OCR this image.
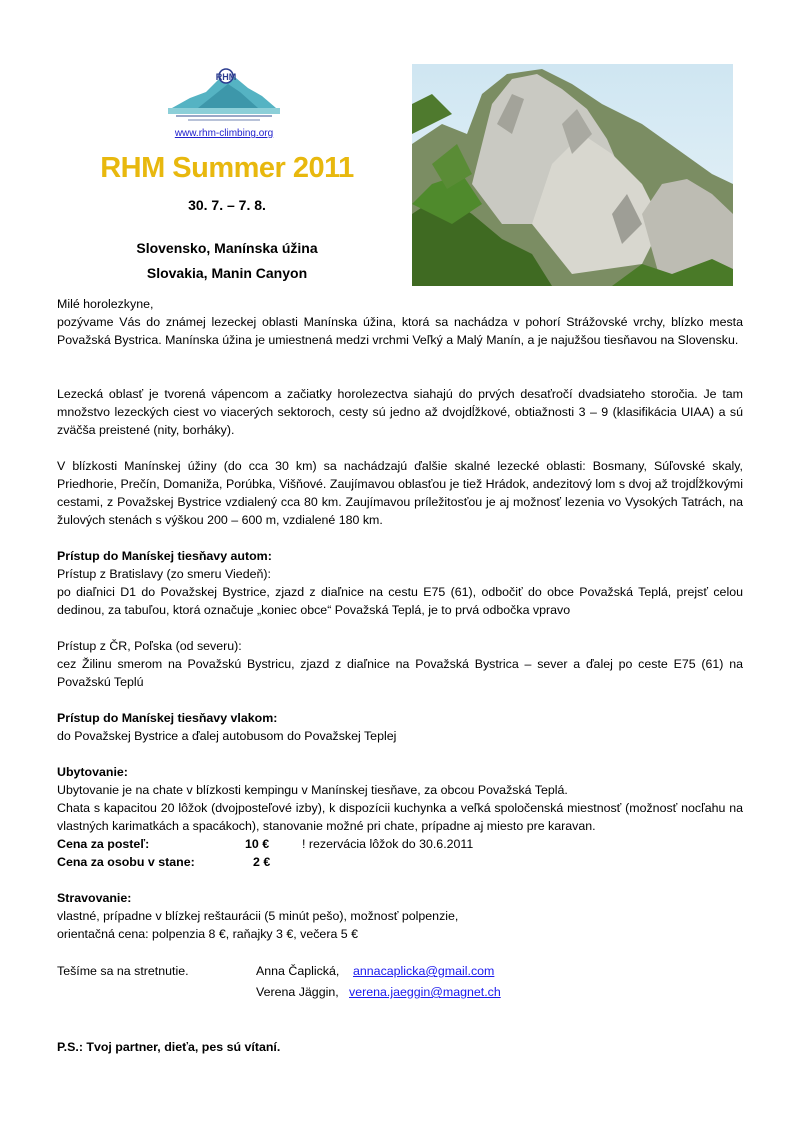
RHM
www.rhm-climbing.org
RHM Summer 2011
30. 7. – 7. 8.
Slovensko, Manínska úžina
Slovakia, Manin Canyon
Milé horolezkyne,
pozývame Vás do známej lezeckej oblasti Manínska úžina, ktorá sa nachádza v pohorí Strážovské vrchy, blízko mesta Považská Bystrica. Manínska úžina je umiestnená medzi vrchmi Veľký a Malý Manín, a je najužšou tiesňavou na Slovensku.
Lezecká oblasť je tvorená vápencom a začiatky horolezectva siahajú do prvých desaťročí dvadsiateho storočia. Je tam množstvo lezeckých ciest vo viacerých sektoroch, cesty sú jedno až dvojdĺžkové, obtiažnosti 3 – 9 (klasifikácia UIAA) a sú zväčša preistené (nity, borháky).
V blízkosti Manínskej úžiny (do cca 30 km) sa nachádzajú ďalšie skalné lezecké oblasti: Bosmany, Súľovské skaly, Priedhorie, Prečín, Domaniža, Porúbka, Višňové. Zaujímavou oblasťou je tiež Hrádok, andezitový lom s dvoj až trojdĺžkovými cestami, z Považskej Bystrice vzdialený cca 80 km. Zaujímavou príležitosťou je aj možnosť lezenia vo Vysokých Tatrách, na žulových stenách s výškou 200 – 600 m, vzdialené 180 km.
Prístup do Manískej tiesňavy autom:
Prístup z Bratislavy (zo smeru Viedeň):
po diaľnici D1 do Považskej Bystrice, zjazd z diaľnice na cestu E75 (61), odbočiť do obce Považská Teplá, prejsť celou dedinou, za tabuľou, ktorá označuje „koniec obce“ Považská Teplá, je to prvá odbočka vpravo
Prístup z ČR, Poľska (od severu):
cez Žilinu smerom na Považskú Bystricu, zjazd z diaľnice na Považská Bystrica – sever a ďalej po ceste E75 (61) na Považskú Teplú
Prístup do Manískej tiesňavy vlakom:
do Považskej Bystrice a ďalej autobusom do Považskej Teplej
Ubytovanie:
Ubytovanie je na chate v blízkosti kempingu v Manínskej tiesňave, za obcou Považská Teplá.
Chata s kapacitou 20 lôžok (dvojposteľové izby), k dispozícii kuchynka a veľká spoločenská miestnosť (možnosť nocľahu na vlastných karimatkách a spacákoch), stanovanie možné pri chate, prípadne aj miesto pre karavan.
Cena za posteľ:	10 €	! rezervácia lôžok do 30.6.2011
Cena za osobu v stane:	2 €
Stravovanie:
vlastné, prípadne v blízkej reštaurácii (5 minút pešo), možnosť polpenzie,
orientačná cena: polpenzia 8 €, raňajky 3 €, večera 5 €
Tešíme sa na stretnutie.	Anna Čaplická, annacaplicka@gmail.com
Verena Jäggin, verena.jaeggin@magnet.ch
P.S.: Tvoj partner, dieťa, pes sú vítaní.
